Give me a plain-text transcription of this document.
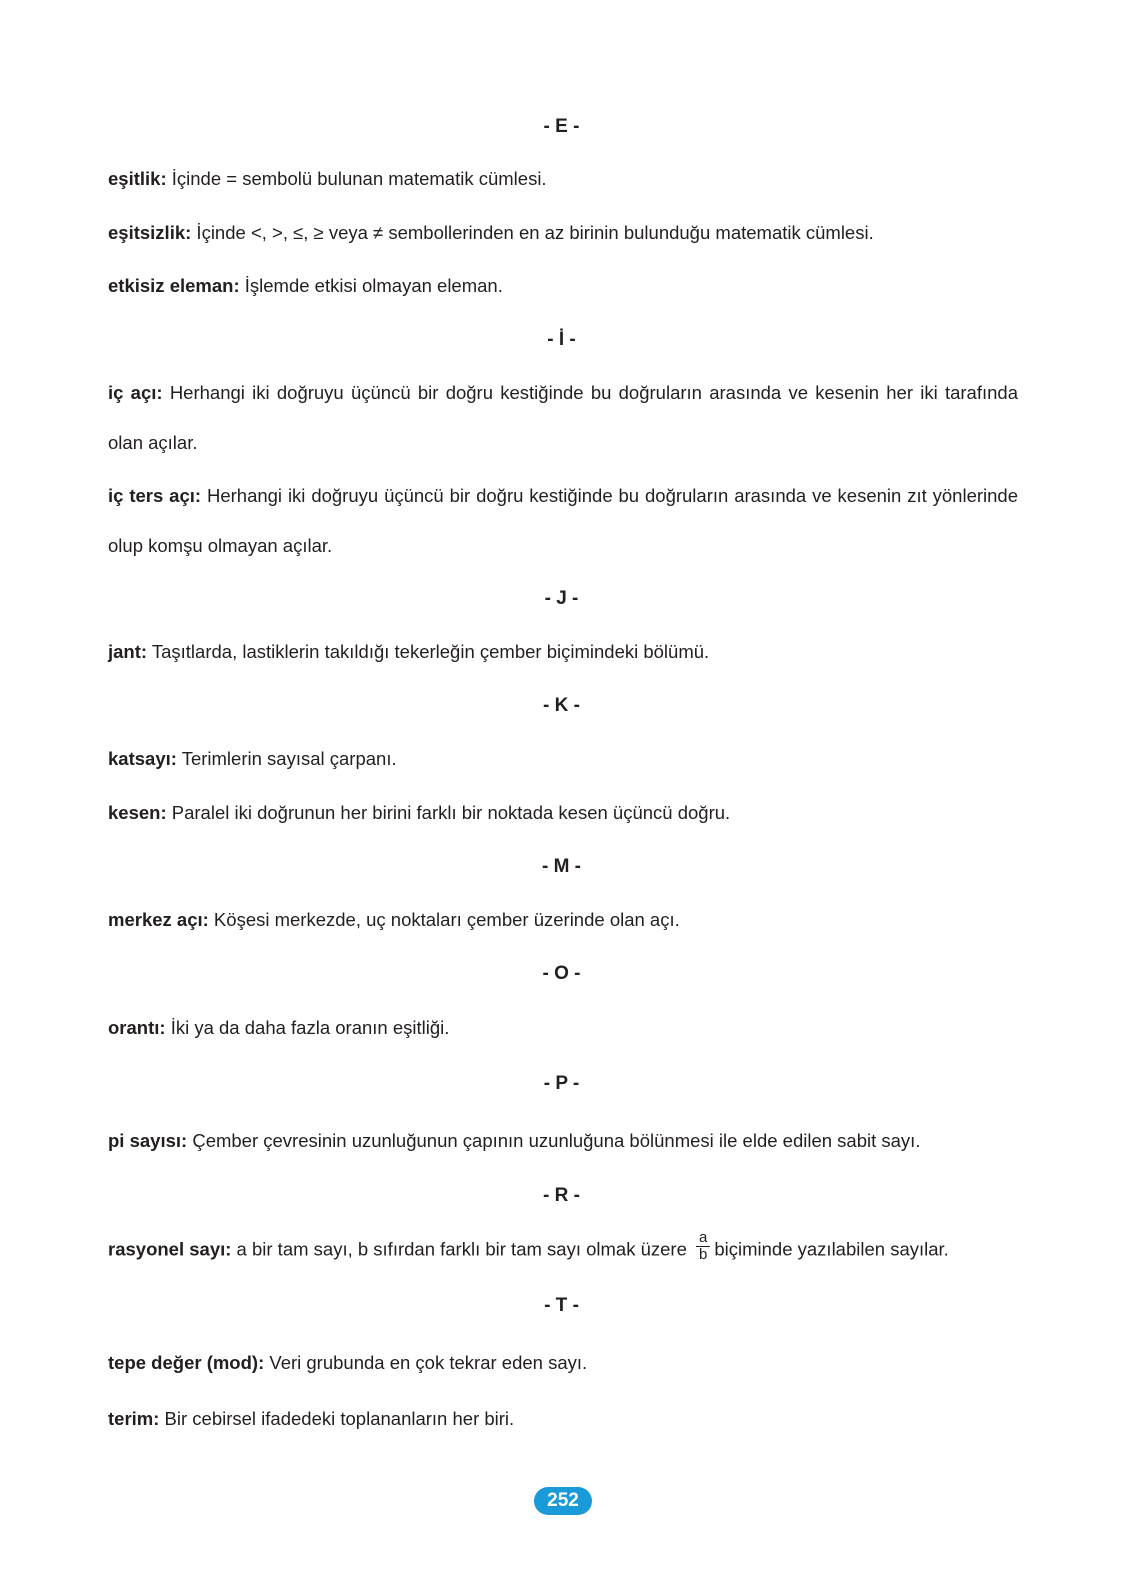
- E -
eşitlik: İçinde = sembolü bulunan matematik cümlesi.
eşitsizlik: İçinde <, >, ≤, ≥ veya ≠ sembollerinden en az birinin bulunduğu matematik cümlesi.
etkisiz eleman: İşlemde etkisi olmayan eleman.
- İ -
iç açı: Herhangi iki doğruyu üçüncü bir doğru kestiğinde bu doğruların arasında ve kesenin her iki tarafında olan açılar.
iç ters açı: Herhangi iki doğruyu üçüncü bir doğru kestiğinde bu doğruların arasında ve kesenin zıt yönlerinde olup komşu olmayan açılar.
- J -
jant: Taşıtlarda, lastiklerin takıldığı tekerleğin çember biçimindeki bölümü.
- K -
katsayı: Terimlerin sayısal çarpanı.
kesen: Paralel iki doğrunun her birini farklı bir noktada kesen üçüncü doğru.
- M -
merkez açı: Köşesi merkezde, uç noktaları çember üzerinde olan açı.
- O -
orantı: İki ya da daha fazla oranın eşitliği.
- P -
pi sayısı: Çember çevresinin uzunluğunun çapının uzunluğuna bölünmesi ile elde edilen sabit sayı.
- R -
rasyonel sayı: a bir tam sayı, b sıfırdan farklı bir tam sayı olmak üzere $\frac{a}{b}$ biçiminde yazılabilen sayılar.
- T -
tepe değer (mod): Veri grubunda en çok tekrar eden sayı.
terim: Bir cebirsel ifadedeki toplananların her biri.
252
